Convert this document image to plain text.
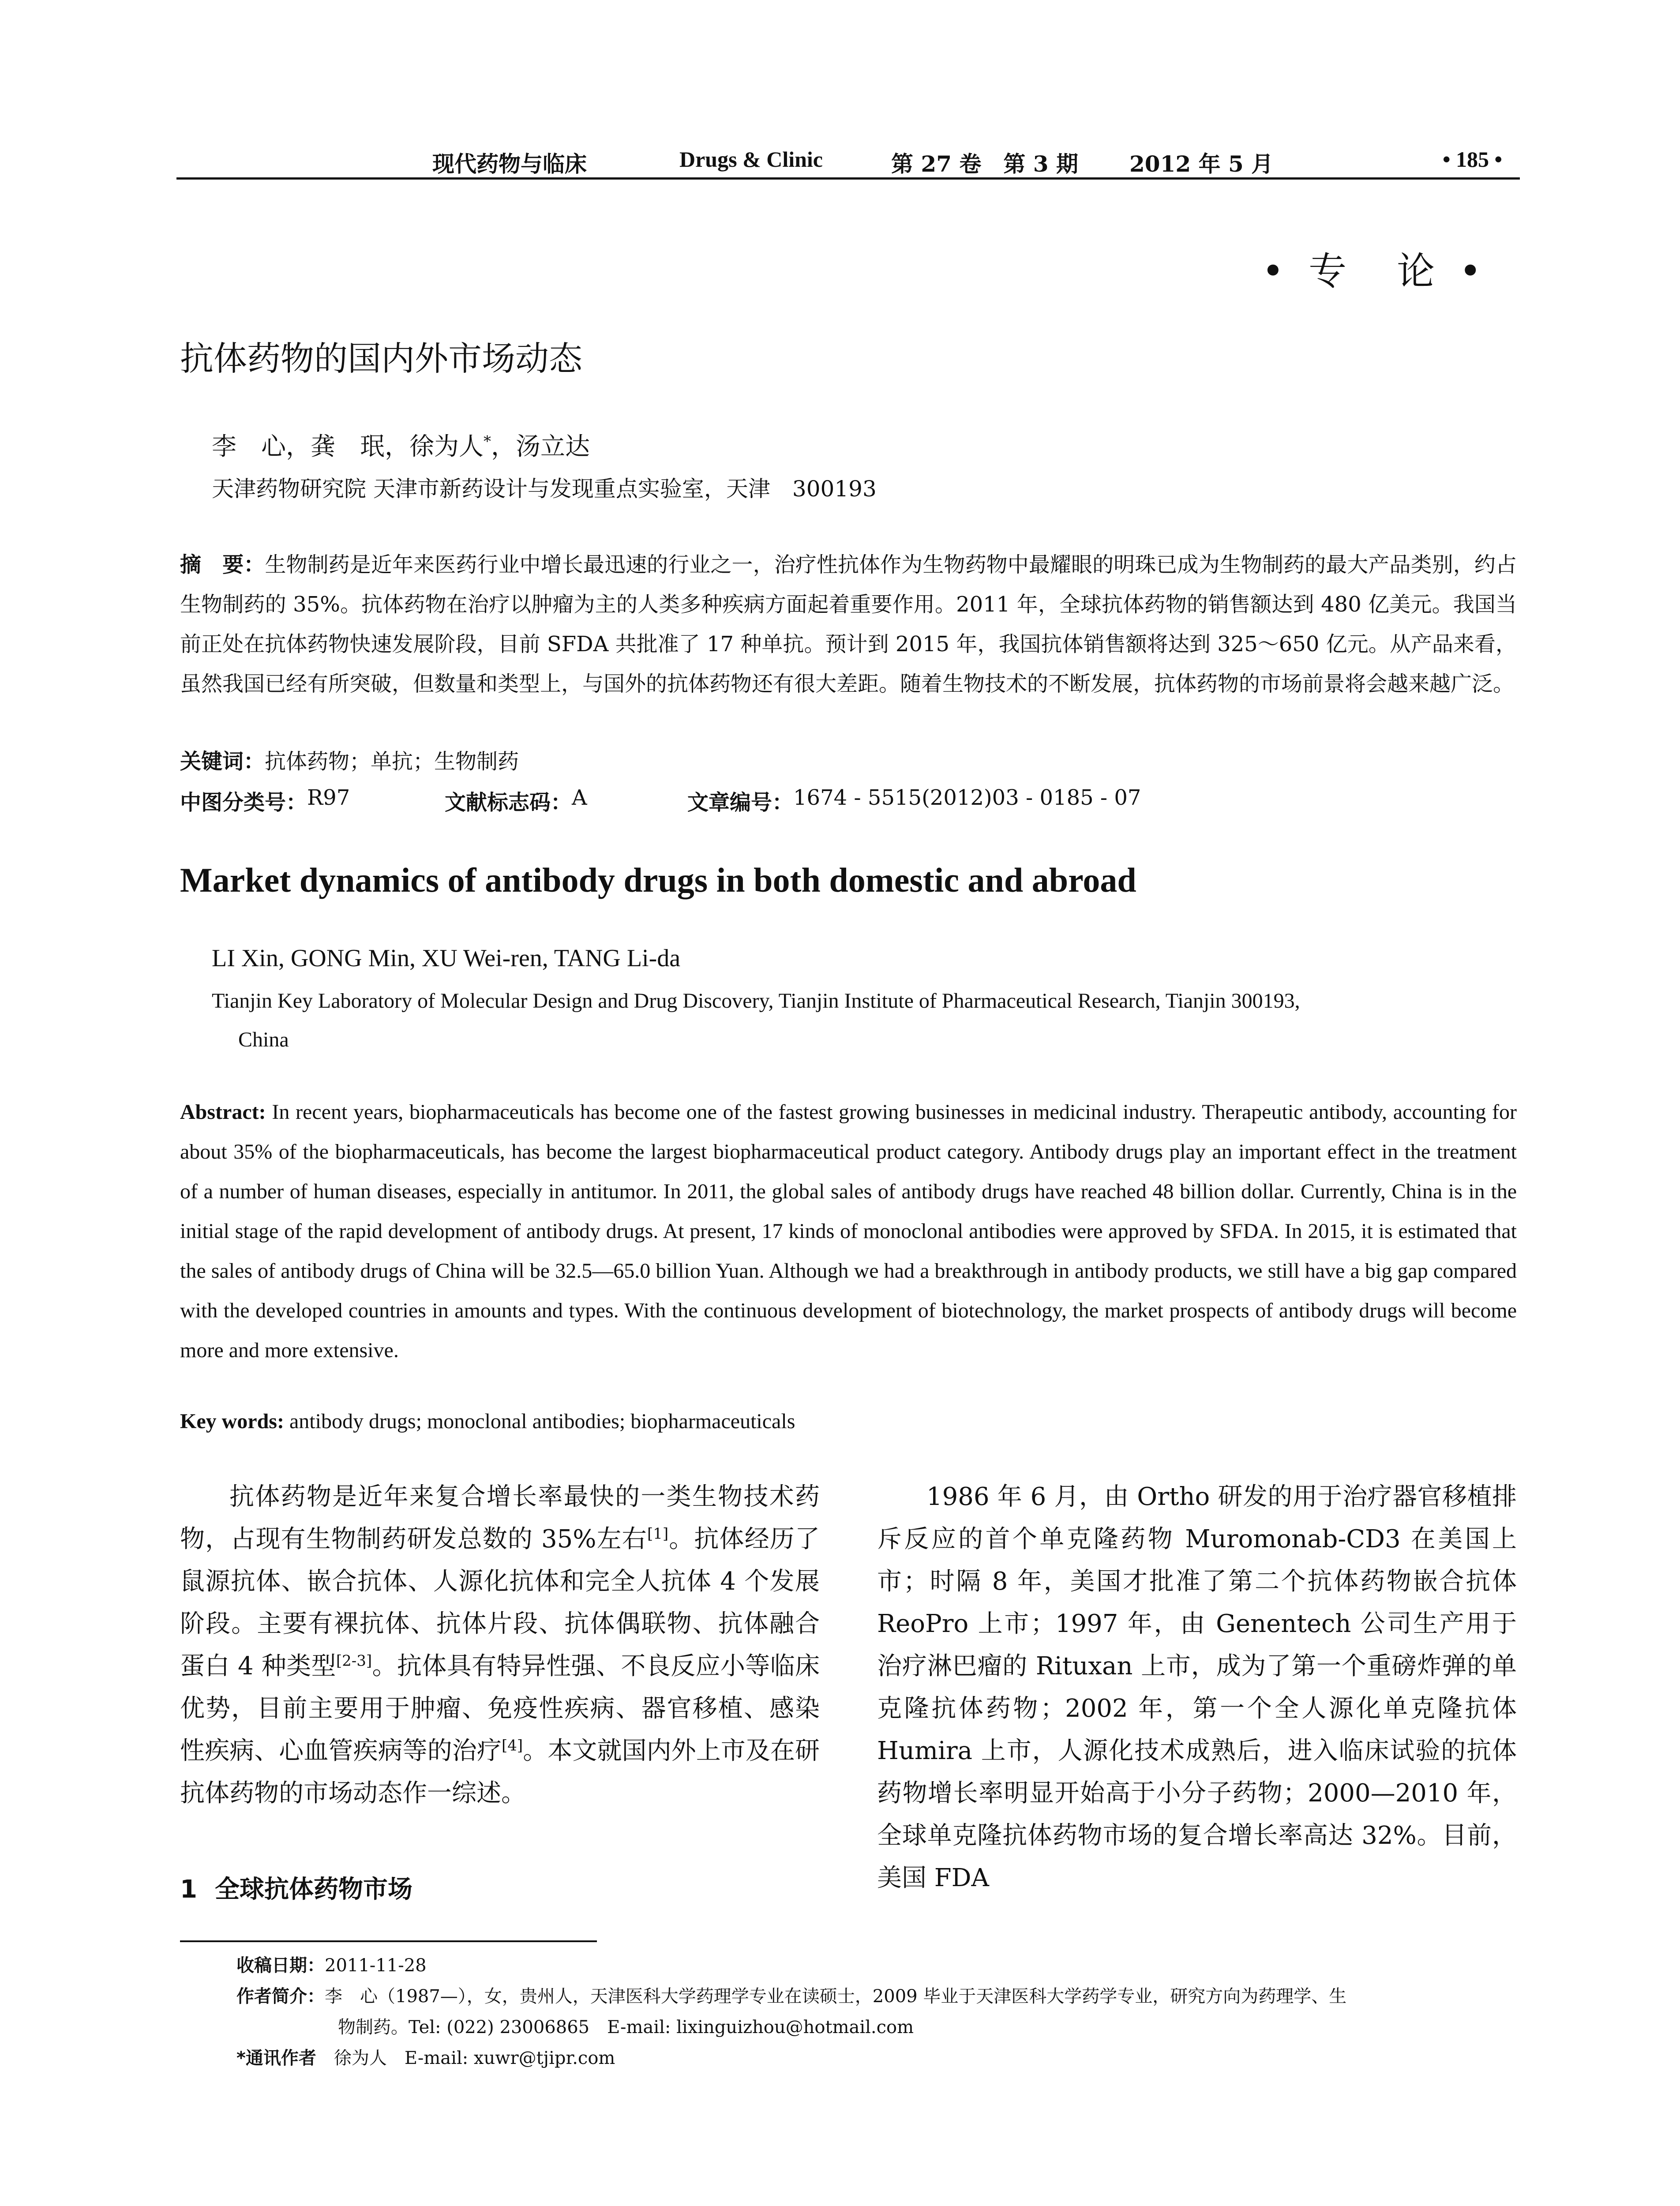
现代药物与临床	Drugs & Clinic	第 27 卷　第 3 期 2012 年 5 月	• 185 •
• 专　论 •
抗体药物的国内外市场动态
李　心，龚　珉，徐为人*，汤立达
天津药物研究院 天津市新药设计与发现重点实验室，天津　300193
摘　要：生物制药是近年来医药行业中增长最迅速的行业之一，治疗性抗体作为生物药物中最耀眼的明珠已成为生物制药的最大产品类别，约占生物制药的 35%。抗体药物在治疗以肿瘤为主的人类多种疾病方面起着重要作用。2011 年，全球抗体药物的销售额达到 480 亿美元。我国当前正处在抗体药物快速发展阶段，目前 SFDA 共批准了 17 种单抗。预计到 2015 年，我国抗体销售额将达到 325～650 亿元。从产品来看，虽然我国已经有所突破，但数量和类型上，与国外的抗体药物还有很大差距。随着生物技术的不断发展，抗体药物的市场前景将会越来越广泛。
关键词：抗体药物；单抗；生物制药
中图分类号： R97	文献标志码： A	文章编号： 1674 - 5515(2012)03 - 0185 - 07
Market dynamics of antibody drugs in both domestic and abroad
LI Xin, GONG Min, XU Wei-ren, TANG Li-da
Tianjin Key Laboratory of Molecular Design and Drug Discovery, Tianjin Institute of Pharmaceutical Research, Tianjin 300193,
China
Abstract: In recent years, biopharmaceuticals has become one of the fastest growing businesses in medicinal industry. Therapeutic antibody, accounting for about 35% of the biopharmaceuticals, has become the largest biopharmaceutical product category. Antibody drugs play an important effect in the treatment of a number of human diseases, especially in antitumor. In 2011, the global sales of antibody drugs have reached 48 billion dollar. Currently, China is in the initial stage of the rapid development of antibody drugs. At present, 17 kinds of monoclonal antibodies were approved by SFDA. In 2015, it is estimated that the sales of antibody drugs of China will be 32.5—65.0 billion Yuan. Although we had a breakthrough in antibody products, we still have a big gap compared with the developed countries in amounts and types. With the continuous development of biotechnology, the market prospects of antibody drugs will become more and more extensive.
Key words: antibody drugs; monoclonal antibodies; biopharmaceuticals

抗体药物是近年来复合增长率最快的一类生物技术药物，占现有生物制药研发总数的 35%左右[1]。抗体经历了鼠源抗体、嵌合抗体、人源化抗体和完全人抗体 4 个发展阶段。主要有裸抗体、抗体片段、抗体偶联物、抗体融合蛋白 4 种类型[2-3]。抗体具有特异性强、不良反应小等临床优势，目前主要用于肿瘤、免疫性疾病、器官移植、感染性疾病、心血管疾病等的治疗[4]。本文就国内外上市及在研抗体药物的市场动态作一综述。

1 全球抗体药物市场

1986 年 6 月，由 Ortho 研发的用于治疗器官移植排斥反应的首个单克隆药物 Muromonab-CD3 在美国上市；时隔 8 年，美国才批准了第二个抗体药物嵌合抗体 ReoPro 上市；1997 年，由 Genentech 公司生产用于治疗淋巴瘤的 Rituxan 上市，成为了第一个重磅炸弹的单克隆抗体药物；2002 年，第一个全人源化单克隆抗体 Humira 上市，人源化技术成熟后，进入临床试验的抗体药物增长率明显开始高于小分子药物；2000—2010 年，全球单克隆抗体药物市场的复合增长率高达 32%。目前，美国 FDA

收稿日期：2011-11-28
作者简介：李　心（1987—），女，贵州人，天津医科大学药理学专业在读硕士，2009 毕业于天津医科大学药学专业，研究方向为药理学、生
物制药。Tel: (022) 23006865　E-mail: lixinguizhou@hotmail.com
*通讯作者　 徐为人　E-mail: xuwr@tjipr.com
